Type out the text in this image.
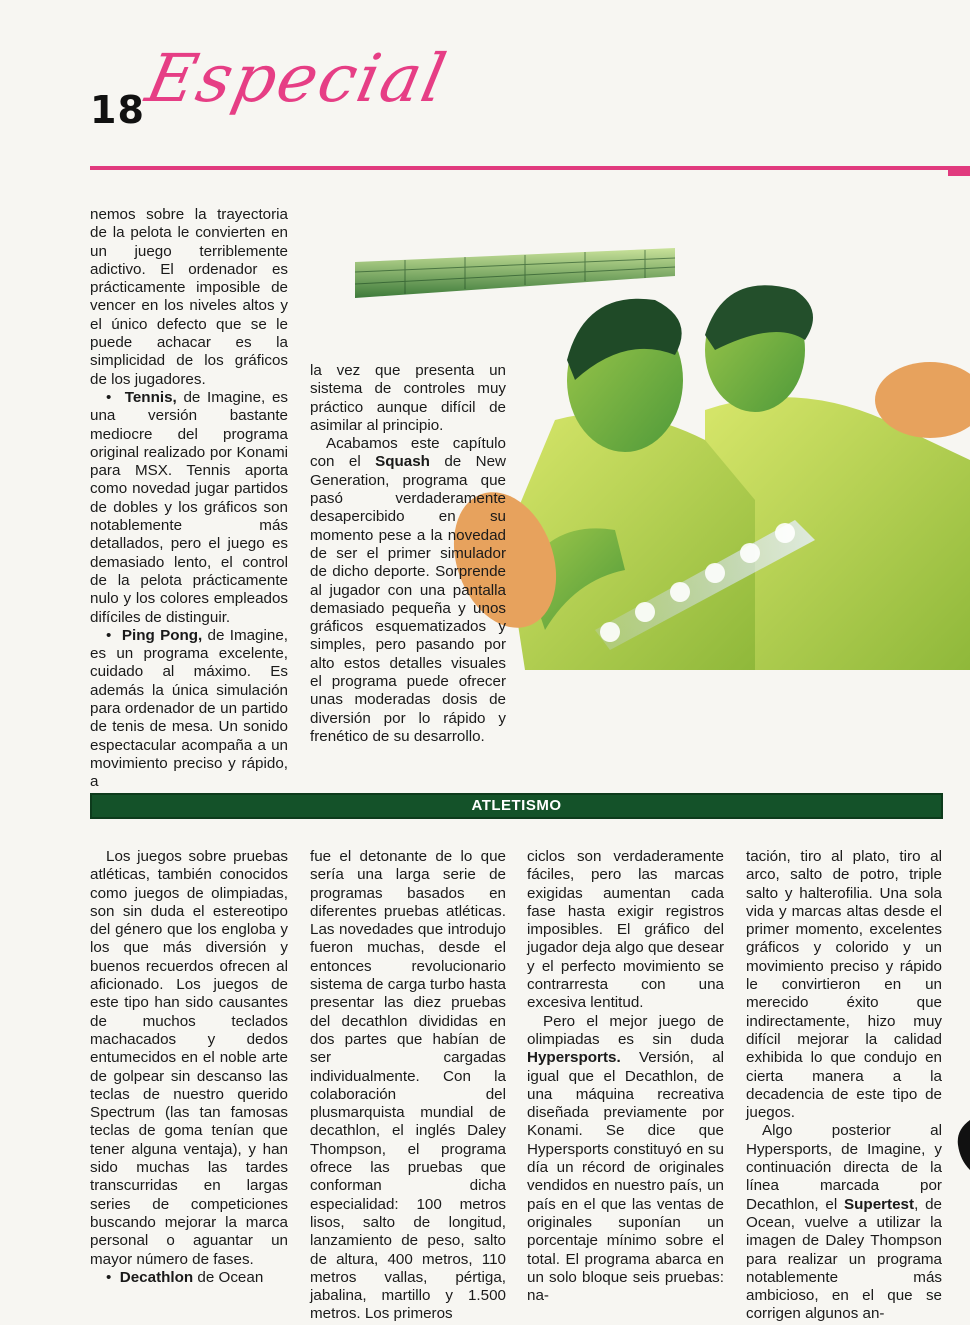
18
Especial

nemos sobre la trayectoria de la pelota le convierten en un juego terriblemente adictivo. El ordenador es prácticamente imposible de vencer en los niveles altos y el único defecto que se le puede achacar es la simplicidad de los gráficos de los jugadores.

•  Tennis, de Imagine, es una versión bastante mediocre del programa original realizado por Konami para MSX. Tennis aporta como novedad jugar partidos de dobles y los gráficos son notablemente más detallados, pero el juego es demasiado lento, el control de la pelota prácticamente nulo y los colores empleados difíciles de distinguir.

•  Ping Pong, de Imagine, es un programa excelente, cuidado al máximo. Es además la única simulación para ordenador de un partido de tenis de mesa. Un sonido espectacular acompaña a un movimiento preciso y rápido, a

la vez que presenta un sistema de controles muy práctico aunque difícil de asimilar al principio.

Acabamos este capítulo con el Squash de New Generation, programa que pasó verdaderamente desapercibido en su momento pese a la novedad de ser el primer simulador de dicho deporte. Sorprende al jugador con una pantalla demasiado pequeña y unos gráficos esquematizados y simples, pero pasando por alto estos detalles visuales el programa puede ofrecer unas moderadas dosis de diversión por lo rápido y frenético de su desarrollo.

ATLETISMO

Los juegos sobre pruebas atléticas, también conocidos como juegos de olimpiadas, son sin duda el estereotipo del género que los engloba y los que más diversión y buenos recuerdos ofrecen al aficionado. Los juegos de este tipo han sido causantes de muchos teclados machacados y dedos entumecidos en el noble arte de golpear sin descanso las teclas de nuestro querido Spectrum (las tan famosas teclas de goma tenían que tener alguna ventaja), y han sido muchas las tardes transcurridas en largas series de competiciones buscando mejorar la marca personal o aguantar un mayor número de fases.

•  Decathlon de Ocean

fue el detonante de lo que sería una larga serie de programas basados en diferentes pruebas atléticas. Las novedades que introdujo fueron muchas, desde el entonces revolucionario sistema de carga turbo hasta presentar las diez pruebas del decathlon divididas en dos partes que habían de ser cargadas individualmente. Con la colaboración del plusmarquista mundial de decathlon, el inglés Daley Thompson, el programa ofrece las pruebas que conforman dicha especialidad: 100 metros lisos, salto de longitud, lanzamiento de peso, salto de altura, 400 metros, 110 metros vallas, pértiga, jabalina, martillo y 1.500 metros. Los primeros

ciclos son verdaderamente fáciles, pero las marcas exigidas aumentan cada fase hasta exigir registros imposibles. El gráfico del jugador deja algo que desear y el perfecto movimiento se contrarresta con una excesiva lentitud.

Pero el mejor juego de olimpiadas es sin duda Hypersports. Versión, al igual que el Decathlon, de una máquina recreativa diseñada previamente por Konami. Se dice que Hypersports constituyó en su día un récord de originales vendidos en nuestro país, un país en el que las ventas de originales suponían un porcentaje mínimo sobre el total. El programa abarca en un solo bloque seis pruebas: na-

tación, tiro al plato, tiro al arco, salto de potro, triple salto y halterofilia. Una sola vida y marcas altas desde el primer momento, excelentes gráficos y colorido y un movimiento preciso y rápido le convirtieron en un merecido éxito que indirectamente, hizo muy difícil mejorar la calidad exhibida lo que condujo en cierta manera a la decadencia de este tipo de juegos.

Algo posterior al Hypersports, de Imagine, y continuación directa de la línea marcada por Decathlon, el Supertest, de Ocean, vuelve a utilizar la imagen de Daley Thompson para realizar un programa notablemente más ambicioso, en el que se corrigen algunos an-
